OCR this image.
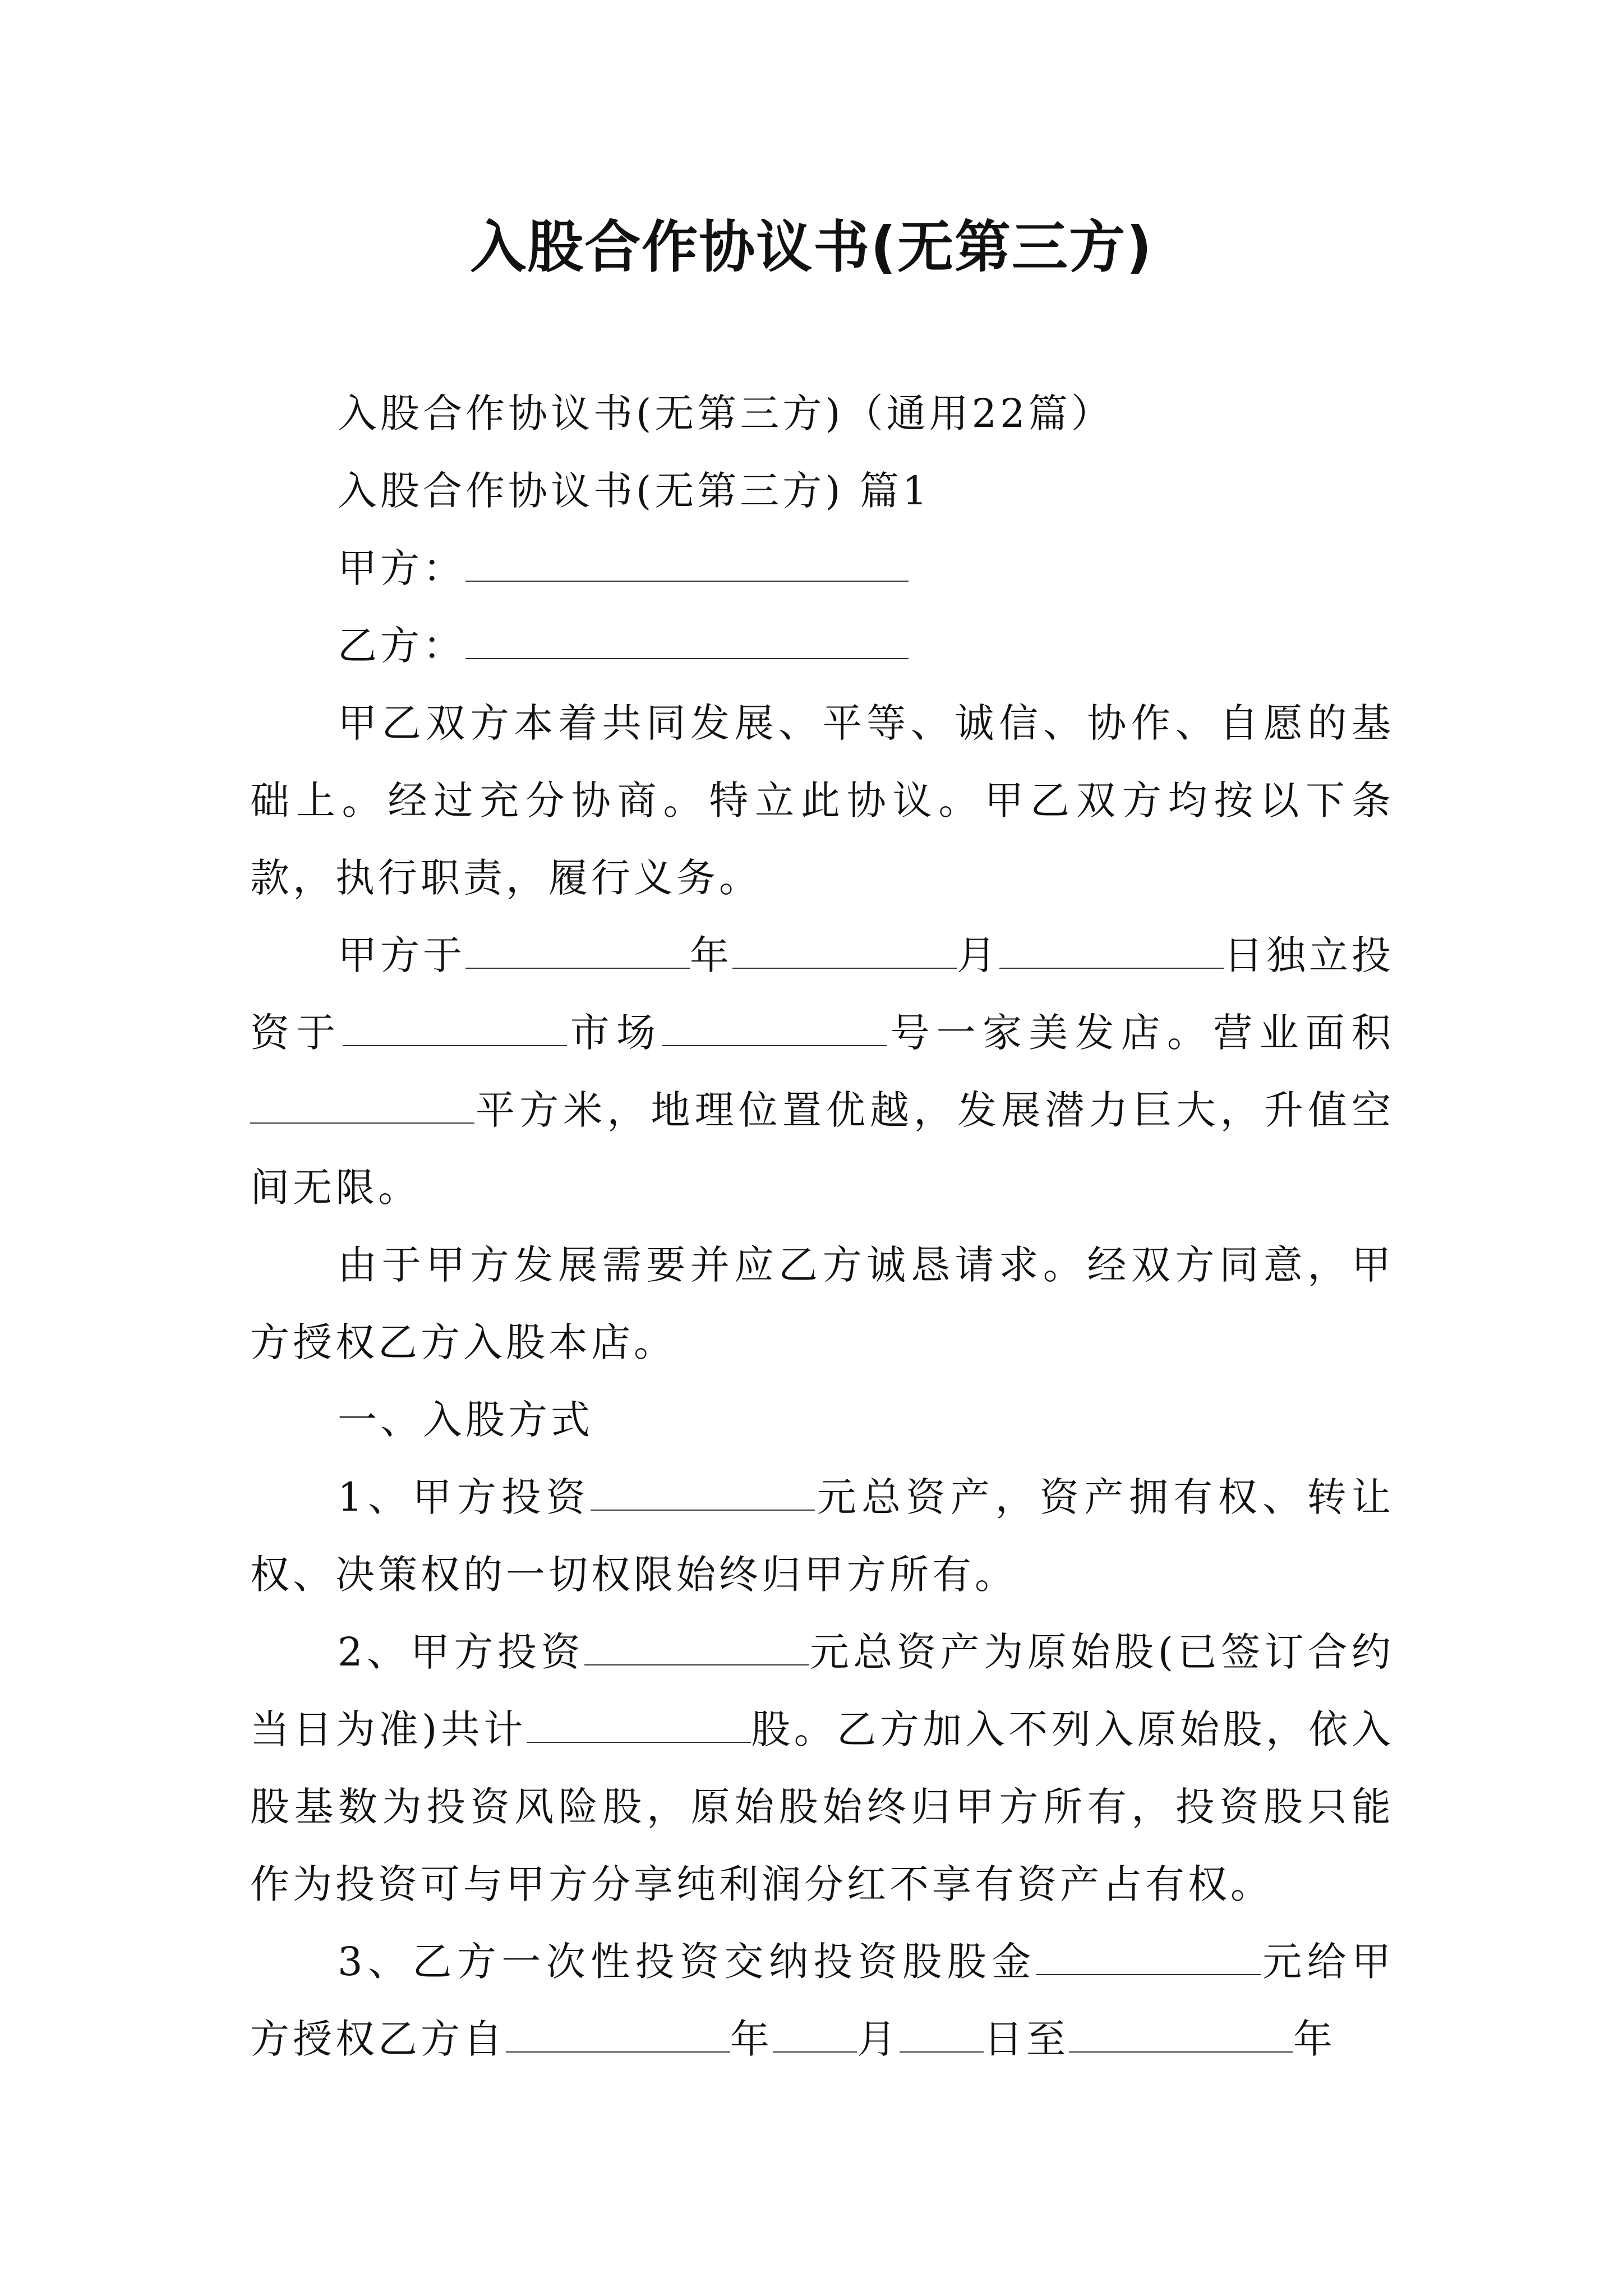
入股合作协议书(无第三方)

入股合作协议书(无第三方)（通用22篇）

入股合作协议书(无第三方) 篇1

甲方：

乙方：

甲乙双方本着共同发展、平等、诚信、协作、自愿的基础上。经过充分协商。特立此协议。甲乙双方均按以下条款，执行职责，履行义务。

甲方于	年	月	日独立投资于	市场	号一家美发店。营业面积平方米，地理位置优越，发展潜力巨大，升值空间无限。

由于甲方发展需要并应乙方诚恳请求。经双方同意，甲方授权乙方入股本店。

一、入股方式

1、甲方投资	元总资产，资产拥有权、转让权、决策权的一切权限始终归甲方所有。

2、甲方投资	元总资产为原始股(已签订合约当日为准)共计	股。乙方加入不列入原始股，依入股基数为投资风险股，原始股始终归甲方所有，投资股只能作为投资可与甲方分享纯利润分红不享有资产占有权。

3、乙方一次性投资交纳投资股股金	元给甲方授权乙方自	年 月 日至	年
